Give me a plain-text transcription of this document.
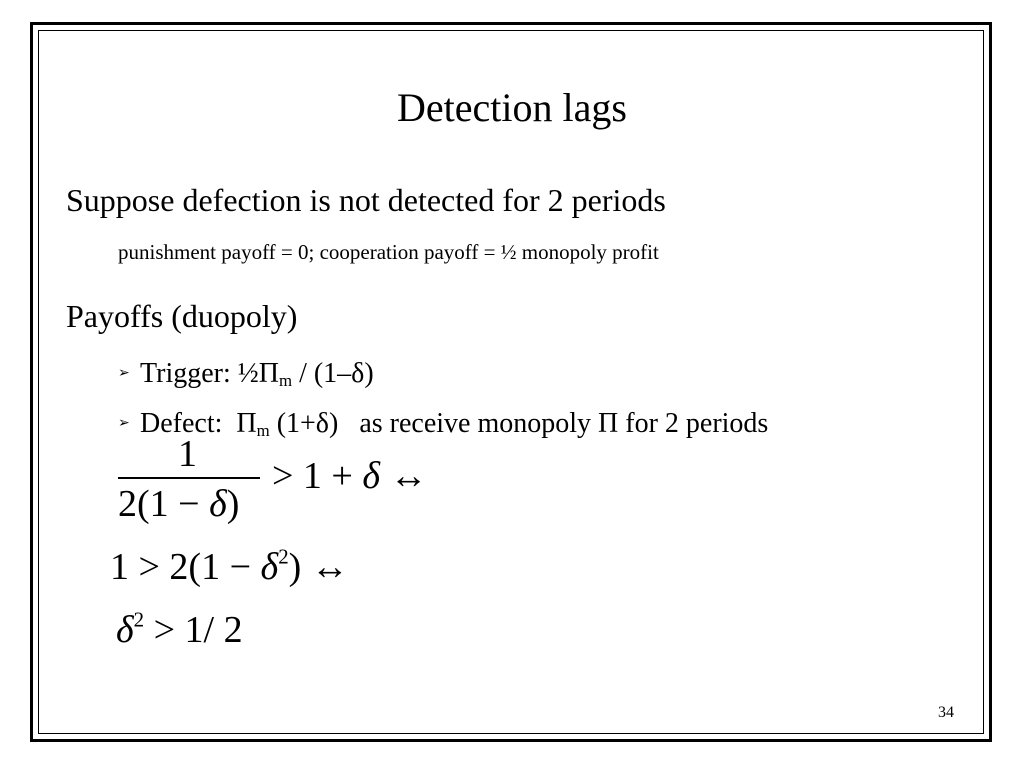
Detection lags
Suppose defection is not detected for 2 periods
punishment payoff = 0; cooperation payoff = ½ monopoly profit
Payoffs (duopoly)
➢ Trigger: $\frac{1}{2}\Pi_m / (1-\delta)$
➢ Defect:  $\Pi_m$ (1+δ)   as receive monopoly Π for 2 periods
1
2(1 − δ)
> 1 + δ ↔
$1 > 2(1 - \delta^2)$ ↔
$\delta^2 > 1/$ 2
34
